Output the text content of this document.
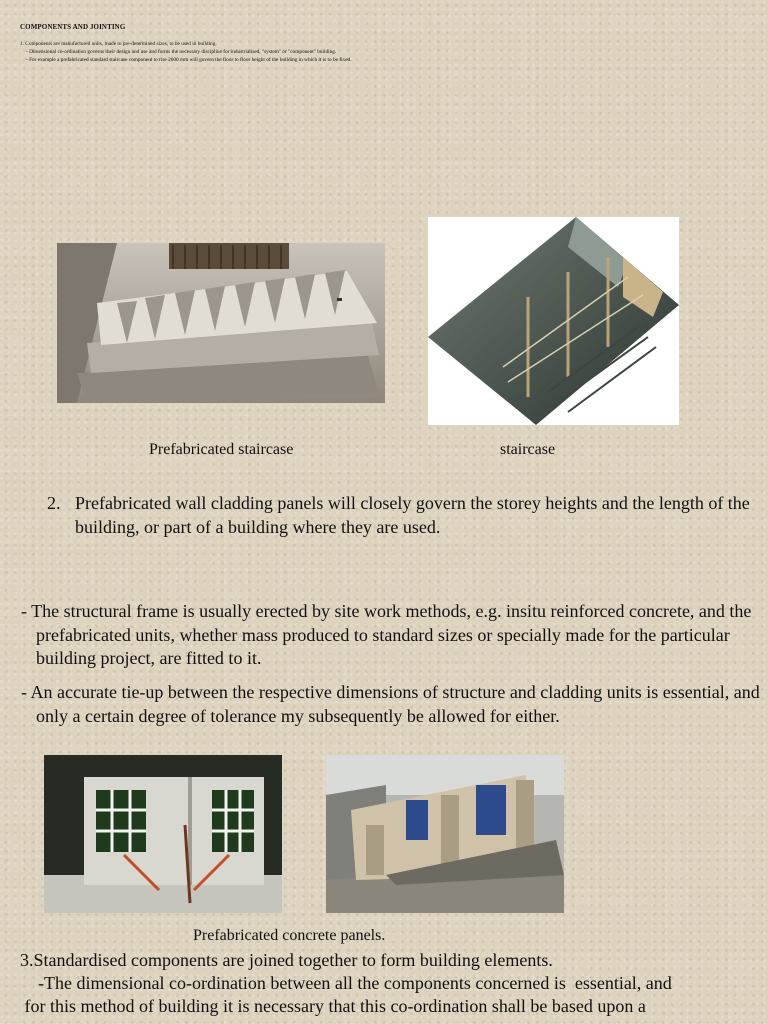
COMPONENTS AND JOINTING
1. Components are manufactured units, made to pre-determined sizes, to be used in building.
- Dimensional co-ordination governs their design and use and forms the necessary discipline for industrialised, "system" or "component" building.
- For example a prefabricated standard staircase component to rise 2600 mm will govern the floor to floor height of the building in which it is to be fixed.
Prefabricated staircase	staircase
2. Prefabricated wall cladding panels will closely govern the storey heights and the length of the building, or part of a building where they are used.
- The structural frame is usually erected by site work methods, e.g. insitu reinforced concrete, and the prefabricated units, whether mass produced to standard sizes or specially made for the particular building project, are fitted to it.
- An accurate tie-up between the respective dimensions of structure and cladding units is essential, and only a certain degree of tolerance my subsequently be allowed for either.
Prefabricated concrete panels.
3.Standardised components are joined together to form building elements.
-The dimensional co-ordination between all the components concerned is  essential, and
for this method of building it is necessary that this co-ordination shall be based upon a
